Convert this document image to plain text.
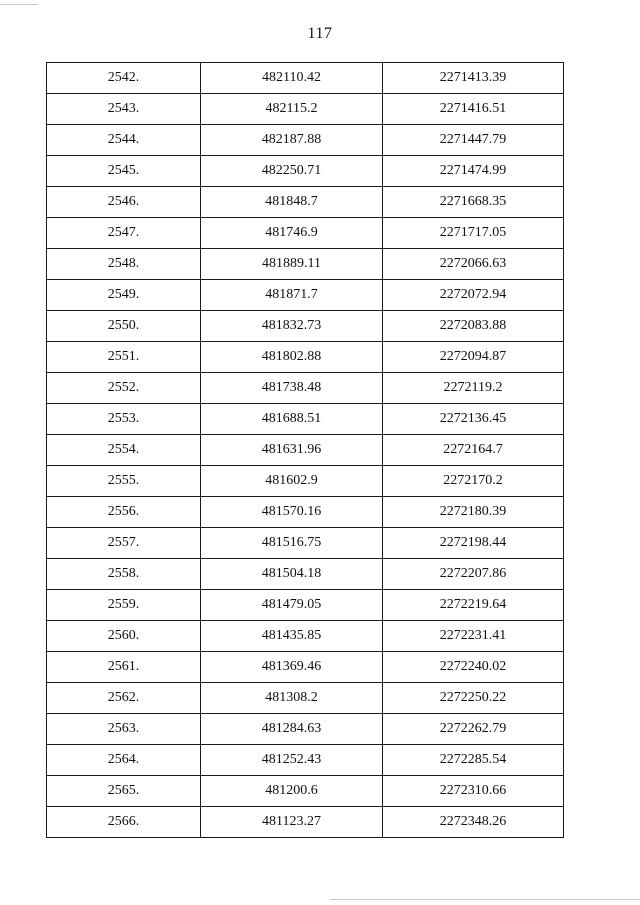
117
2542.	482110.42	2271413.39
2543.	482115.2	2271416.51
2544.	482187.88	2271447.79
2545.	482250.71	2271474.99
2546.	481848.7	2271668.35
2547.	481746.9	2271717.05
2548.	481889.11	2272066.63
2549.	481871.7	2272072.94
2550.	481832.73	2272083.88
2551.	481802.88	2272094.87
2552.	481738.48	2272119.2
2553.	481688.51	2272136.45
2554.	481631.96	2272164.7
2555.	481602.9	2272170.2
2556.	481570.16	2272180.39
2557.	481516.75	2272198.44
2558.	481504.18	2272207.86
2559.	481479.05	2272219.64
2560.	481435.85	2272231.41
2561.	481369.46	2272240.02
2562.	481308.2	2272250.22
2563.	481284.63	2272262.79
2564.	481252.43	2272285.54
2565.	481200.6	2272310.66
2566.	481123.27	2272348.26
